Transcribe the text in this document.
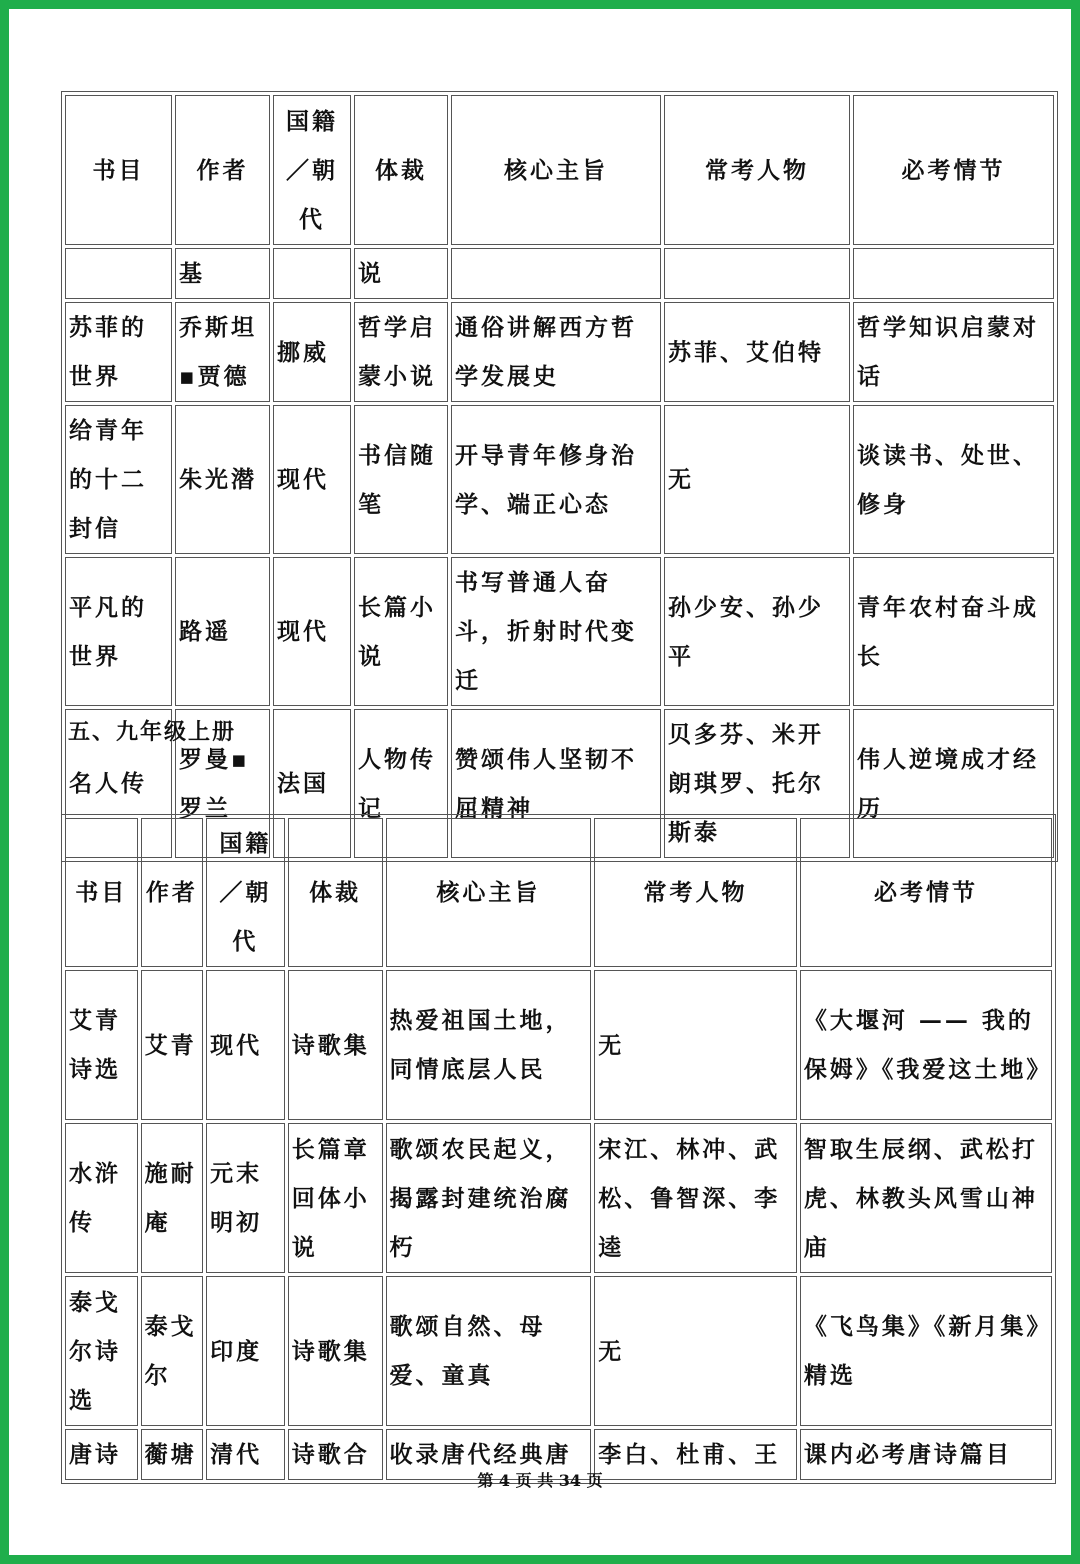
书目	作者	国籍／朝代	体裁	核心主旨	常考人物	必考情节
	基		说			
苏菲的世界	乔斯坦▪贾德	挪威	哲学启蒙小说	通俗讲解西方哲学发展史	苏菲、艾伯特	哲学知识启蒙对话
给青年的十二封信	朱光潜	现代	书信随笔	开导青年修身治学、端正心态	无	谈读书、处世、修身
平凡的世界	路遥	现代	长篇小说	书写普通人奋斗，折射时代变迁	孙少安、孙少平	青年农村奋斗成长
名人传	罗曼▪罗兰	法国	人物传记	赞颂伟人坚韧不屈精神	贝多芬、米开朗琪罗、托尔斯泰	伟人逆境成才经历
五、九年级上册
书目	作者	国籍／朝代	体裁	核心主旨	常考人物	必考情节
艾青诗选	艾青	现代	诗歌集	热爱祖国土地，同情底层人民	无	《大堰河 —— 我的保姆》《我爱这土地》
水浒传	施耐庵	元末明初	长篇章回体小说	歌颂农民起义，揭露封建统治腐朽	宋江、林冲、武松、鲁智深、李逵	智取生辰纲、武松打虎、林教头风雪山神庙
泰戈尔诗选	泰戈尔	印度	诗歌集	歌颂自然、母爱、童真	无	《飞鸟集》《新月集》精选
唐诗	蘅塘	清代	诗歌合	收录唐代经典唐	李白、杜甫、王	课内必考唐诗篇目
第 4 页 共 34 页
